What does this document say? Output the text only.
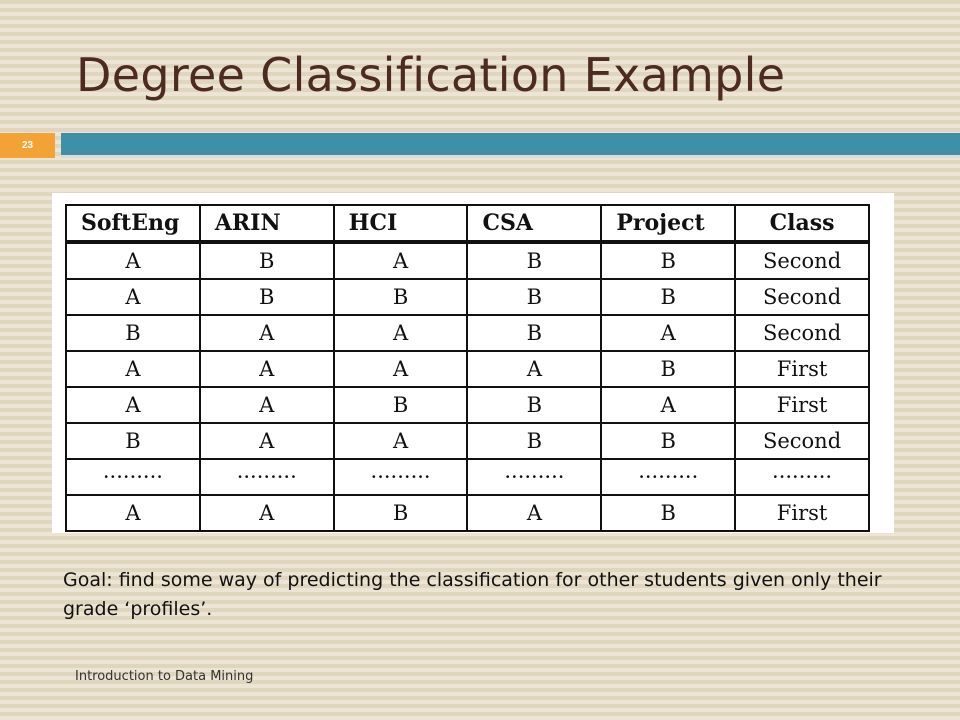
Degree Classification Example
23
SoftEng	ARIN	HCI	CSA	Project	Class
A	B	A	B	B	Second
A	B	B	B	B	Second
B	A	A	B	A	Second
A	A	A	A	B	First
A	A	B	B	A	First
B	A	A	B	B	Second
·········	·········	·········	·········	·········	·········
A	A	B	A	B	First
Goal: find some way of predicting the classification for other students given only their grade ‘profiles’.
Introduction to Data Mining
